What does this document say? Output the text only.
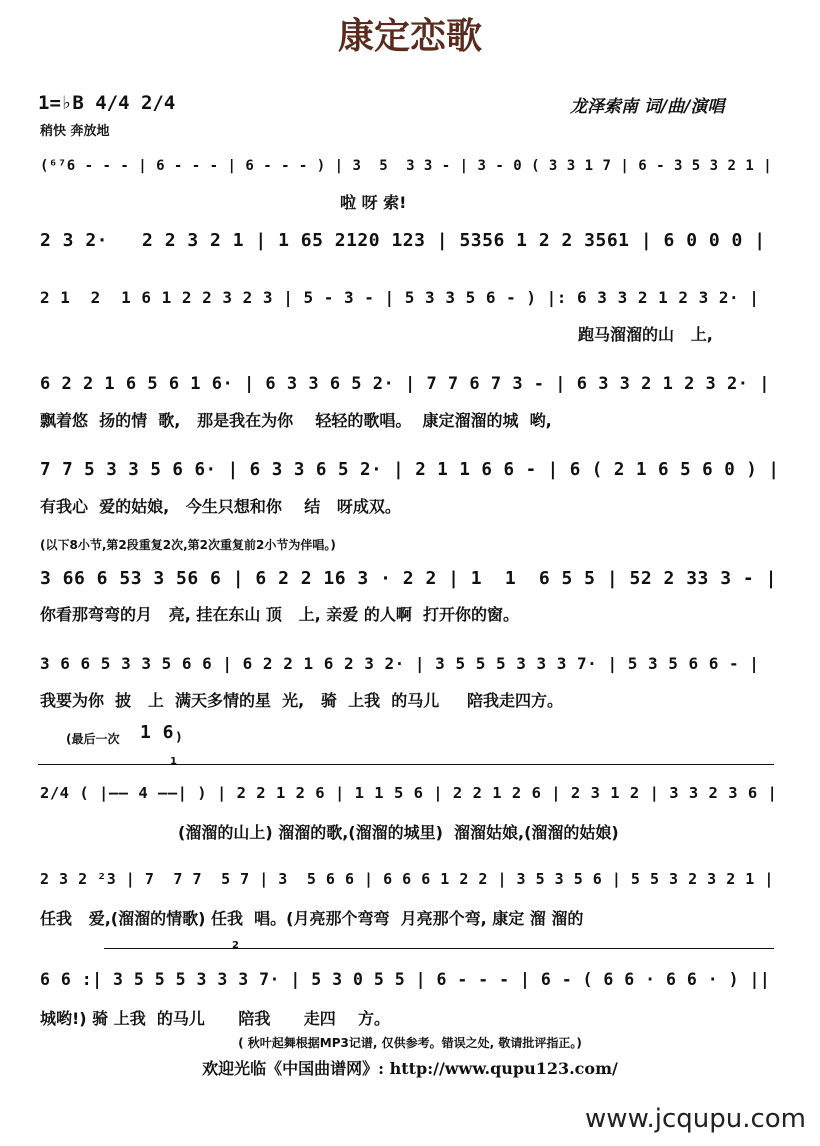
康定恋歌
1=♭B 4/4 2/4
稍快 奔放地
龙泽索南 词/曲/演唱
(⁶⁷6 - - - | 6 - - - | 6 - - - ) | 3  5  3 3 - | 3 - 0 ( 3 3 1 7 | 6 - 3 5 3 2 1 |
啦 呀 索!
2 3 2·   2 2 3 2 1 | 1 65 2120 123 | 5356 1 2 2 3561 | 6 0 0 0 |
2 1  2  1 6 1 2 2 3 2 3 | 5 - 3 - | 5 3 3 5 6 - ) |: 6 3 3 2 1 2 3 2· |
跑马溜溜的山   上,
6 2 2 1 6 5 6 1 6· | 6 3 3 6 5 2· | 7 7 6 7 3 - | 6 3 3 2 1 2 3 2· |
飘着悠  扬的情  歌,   那是我在为你    轻轻的歌唱。  康定溜溜的城  哟,
7 7 5 3 3 5 6 6· | 6 3 3 6 5 2· | 2 1 1 6 6 - | 6 ( 2 1 6 5 6 0 ) |
有我心  爱的姑娘,   今生只想和你    结   呀成双。
(以下8小节,第2段重复2次,第2次重复前2小节为伴唱。)
3 66 6 53 3 56 6 | 6 2 2 16 3 · 2 2 | 1  1  6 5 5 | 52 2 33 3 - |
你看那弯弯的月   亮, 挂在东山 顶   上, 亲爱 的人啊  打开你的窗。
3 6 6 5 3 3 5 6 6 | 6 2 2 1 6 2 3 2· | 3 5 5 5 3 3 3 7· | 5 3 5 6 6 - |
我要为你  披   上  满天多情的星  光,   骑  上我  的马儿     陪我走四方。
(最后一次 1 6 )
1
2/4 ( |—— 4 ——| ) | 2 2 1 2 6 | 1 1 5 6 | 2 2 1 2 6 | 2 3 1 2 | 3 3 2 3 6 |
(溜溜的山上) 溜溜的歌,(溜溜的城里)  溜溜姑娘,(溜溜的姑娘)
2 3 2 ²3 | 7  7 7  5 7 | 3  5 6 6 | 6 6 6 1 2 2 | 3 5 3 5 6 | 5 5 3 2 3 2 1 |
任我   爱,(溜溜的情歌) 任我  唱。(月亮那个弯弯  月亮那个弯, 康定 溜 溜的
2
6 6 :| 3 5 5 5 3 3 3 7· | 5 3 0 5 5 | 6 - - - | 6 - ( 6 6 · 6 6 · ) ||
城哟!) 骑 上我  的马儿      陪我      走四    方。
( 秋叶起舞根据MP3记谱, 仅供参考。错误之处, 敬请批评指正。)
欢迎光临《中国曲谱网》: http://www.qupu123.com/
www.jcqupu.com
